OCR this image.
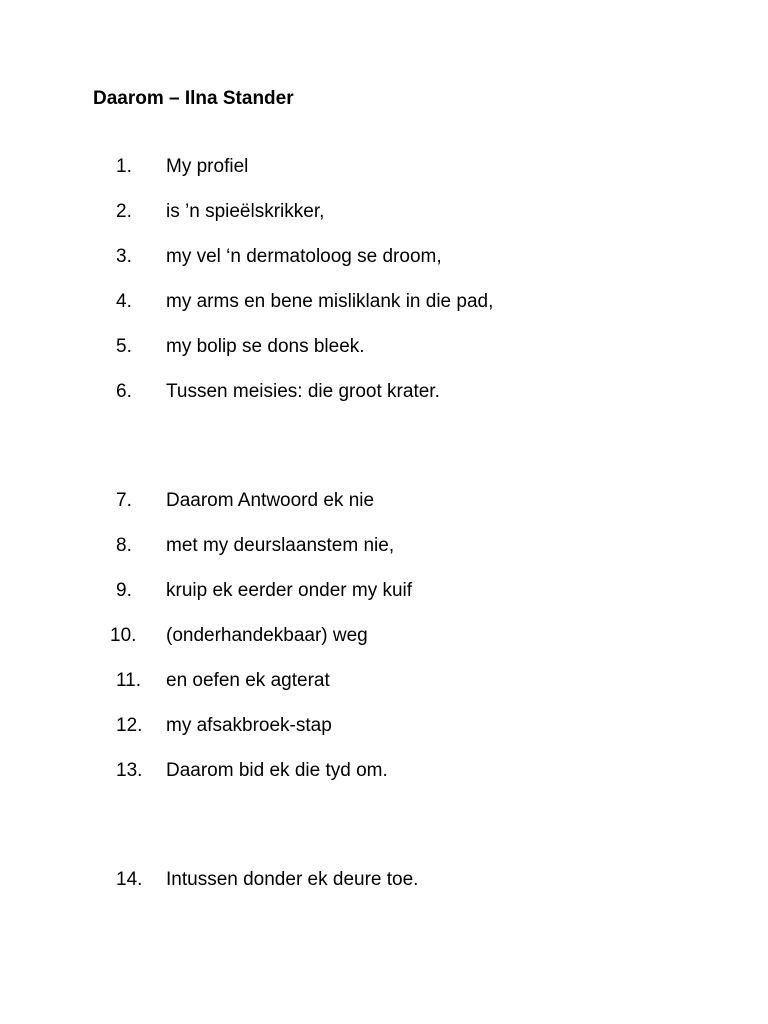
Daarom – Ilna Stander
1. My profiel
2. is ’n spieëlskrikker,
3. my vel ‘n dermatoloog se droom,
4. my arms en bene misliklank in die pad,
5. my bolip se dons bleek.
6. Tussen meisies: die groot krater.
7. Daarom Antwoord ek nie
8. met my deurslaanstem nie,
9. kruip ek eerder onder my kuif
10. (onderhandekbaar) weg
11. en oefen ek agterat
12. my afsakbroek-stap
13. Daarom bid ek die tyd om.
14. Intussen donder ek deure toe.
